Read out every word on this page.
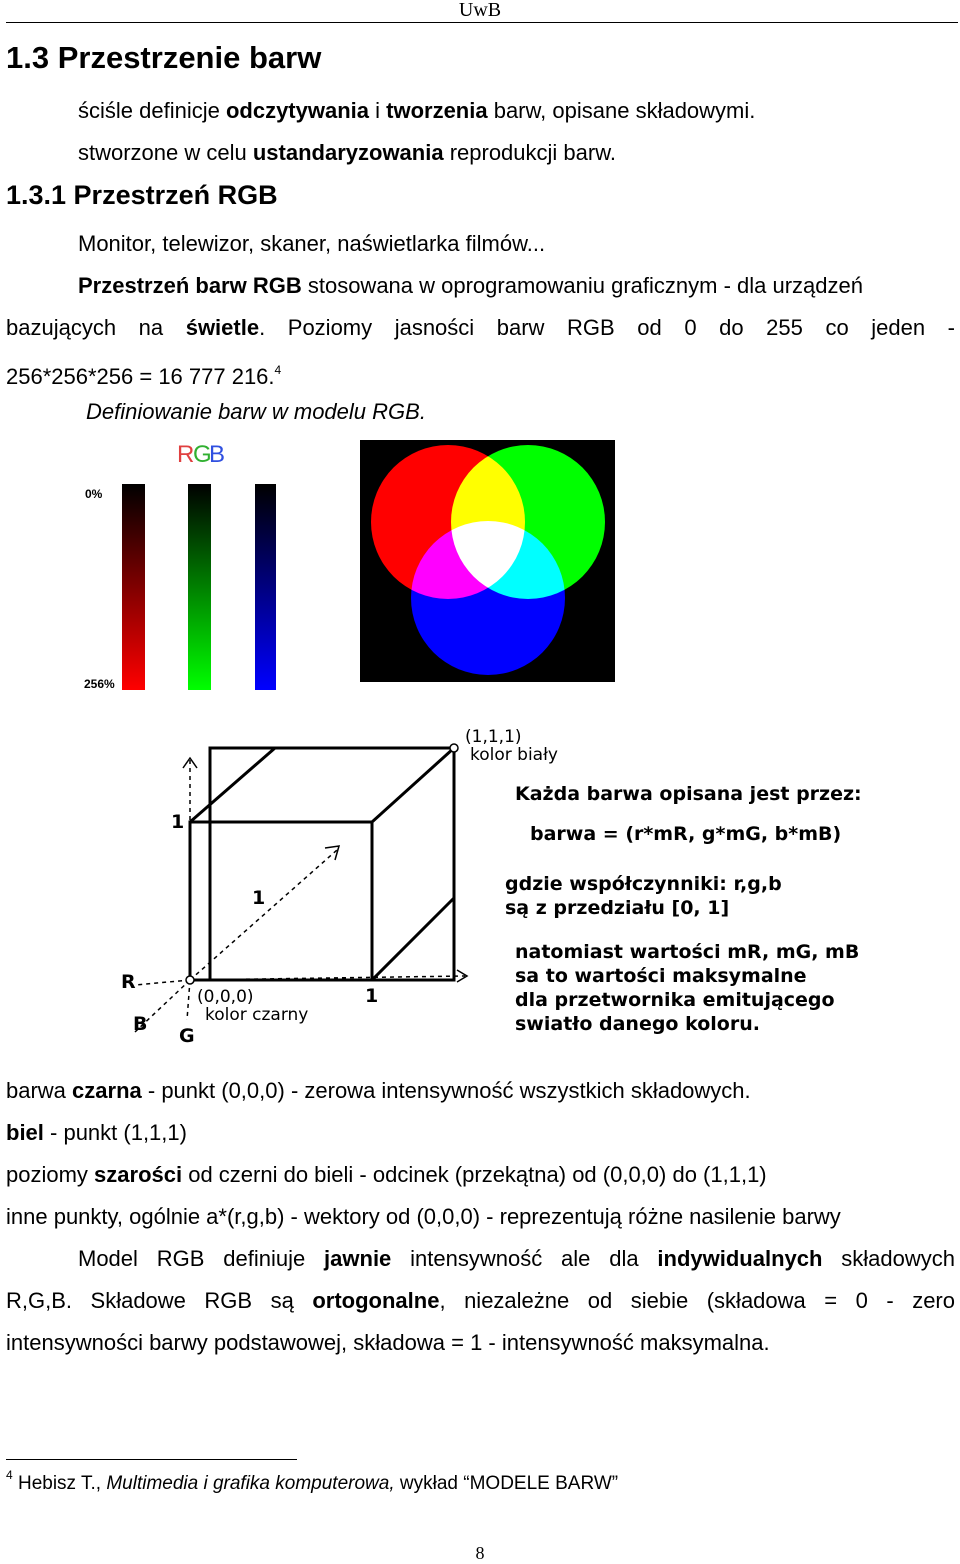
UwB
1.3 Przestrzenie barw
ściśle definicje odczytywania i tworzenia barw, opisane składowymi.
stworzone w celu ustandaryzowania reprodukcji barw.
1.3.1 Przestrzeń RGB
Monitor, telewizor, skaner, naświetlarka filmów...
Przestrzeń barw RGB stosowana w oprogramowaniu graficznym - dla urządzeń
bazujących na świetle. Poziomy jasności barw RGB od 0 do 255 co jeden -
256*256*256 = 16 777 216.$^4$
Definiowanie barw w modelu RGB.
R
G
B
0%
256%
(1,1,1)
kolor biały
(0,0,0)
kolor czarny
R
G
B
1
1
1
Każda barwa opisana jest przez:
barwa = (r*mR, g*mG, b*mB)
gdzie współczynniki: r,g,b
są z przedziału [0, 1]
natomiast wartości mR, mG, mB
sa to wartości maksymalne
dla przetwornika emitującego
swiatło danego koloru.
barwa czarna - punkt (0,0,0) - zerowa intensywność wszystkich składowych.
biel - punkt (1,1,1)
poziomy szarości od czerni do bieli - odcinek (przekątna) od (0,0,0) do (1,1,1)
inne punkty, ogólnie a*(r,g,b) - wektory od (0,0,0) - reprezentują różne nasilenie barwy
Model RGB definiuje jawnie intensywność ale dla indywidualnych składowych
R,G,B. Składowe RGB są ortogonalne, niezależne od siebie (składowa = 0 - zero
intensywności barwy podstawowej, składowa = 1 - intensywność maksymalna.
$^4$ Hebisz T., Multimedia i grafika komputerowa, wykład “MODELE BARW”
8
